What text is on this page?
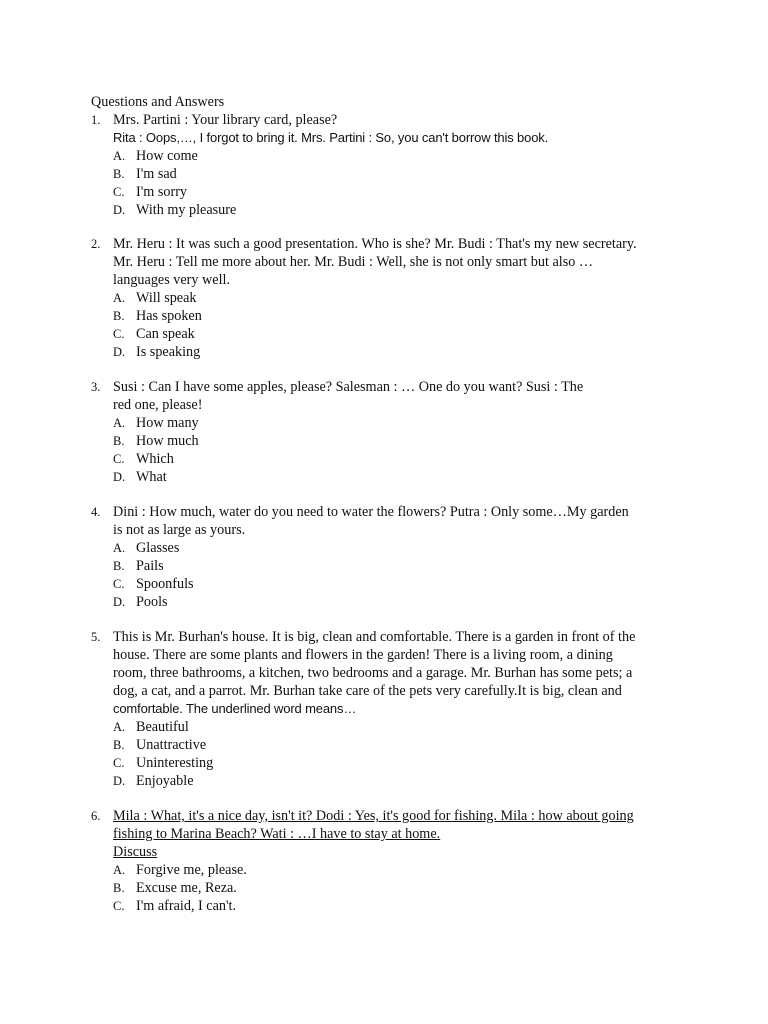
Questions and Answers
1. Mrs. Partini : Your library card, please?
Rita : Oops,…, I forgot to bring it. Mrs. Partini : So, you can't borrow this book.
A. How come
B. I'm sad
C. I'm sorry
D. With my pleasure
2. Mr. Heru : It was such a good presentation. Who is she? Mr. Budi : That's my new secretary.
Mr. Heru : Tell me more about her. Mr. Budi : Well, she is not only smart but also …
languages very well.
A. Will speak
B. Has spoken
C. Can speak
D. Is speaking
3. Susi : Can I have some apples, please? Salesman : … One do you want? Susi : The
red one, please!
A. How many
B. How much
C. Which
D. What
4. Dini : How much, water do you need to water the flowers? Putra : Only some…My garden
is not as large as yours.
A. Glasses
B. Pails
C. Spoonfuls
D. Pools
5. This is Mr. Burhan's house. It is big, clean and comfortable. There is a garden in front of the
house. There are some plants and flowers in the garden! There is a living room, a dining
room, three bathrooms, a kitchen, two bedrooms and a garage. Mr. Burhan has some pets; a
dog, a cat, and a parrot. Mr. Burhan take care of the pets very carefully.It is big, clean and
comfortable. The underlined word means…
A. Beautiful
B. Unattractive
C. Uninteresting
D. Enjoyable
6. Mila : What, it's a nice day, isn't it? Dodi : Yes, it's good for fishing. Mila : how about going
fishing to Marina Beach? Wati : …I have to stay at home.
Discuss
A. Forgive me, please.
B. Excuse me, Reza.
C. I'm afraid, I can't.
